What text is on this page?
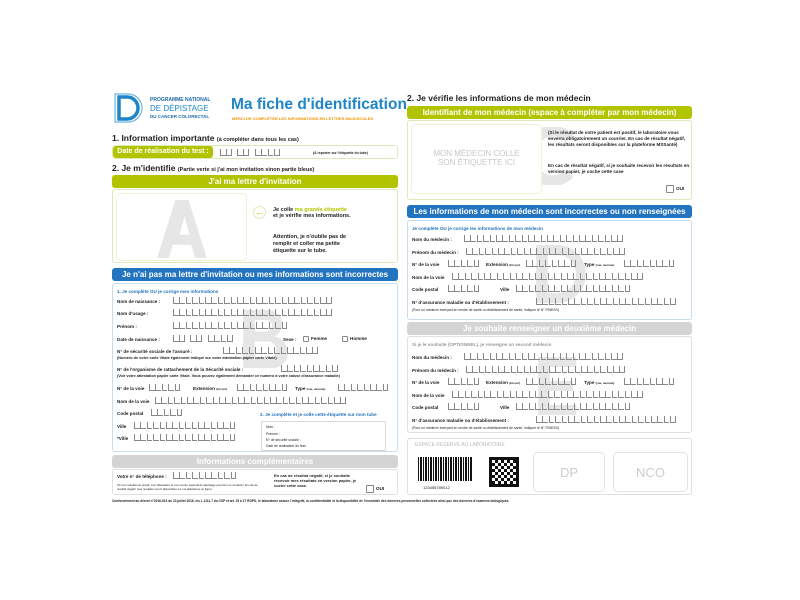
PROGRAMME NATIONAL
DE DÉPISTAGE
DU CANCER COLORECTAL
Ma fiche d'identification
MERCI DE COMPLÉTER LES INFORMATIONS EN LETTRES MAJUSCULES
1. Information importante (à compléter dans tous les cas)
Date de réalisation du test :	(À reporter sur l'étiquette du tube)
2. Je m'identifie (Partie verte si j'ai mon invitation sinon partie bleue)
J'ai ma lettre d'invitation
←	Je colle ma grande étiquette
et je vérifie mes informations.
Attention, je n'oublie pas de remplir et coller ma petite étiquette sur le tube.
Je n'ai pas ma lettre d'invitation ou mes informations sont incorrectes
1. Je complète OU je corrige mes informations
Nom de naissance :
Nom d'usage :
Prénom :
Date de naissance :	Sexe :	Femme	Homme
N° de sécurité sociale de l'assuré :
(Numéro de votre carte Vitale également indiqué sur votre attestation papier carte Vitale)
N° de l'organisme de rattachement de la Sécurité sociale :
(Voir votre attestation papier carte Vitale. Vous pouvez également demander ce numéro à votre caisse d'assurance maladie)
N° de la voie	Extension (bis,ter)	Type (rue, avenue)
Nom de la voie
Code postal
Ville
*Ville
2. Je complète et je colle cette étiquette sur mon tube
Nom :
Prénom :
N° de sécurité sociale :
Date de réalisation du test :
Informations complémentaires
Votre n° de téléphone :
(Si mon résultat est positif, mon laboratoire et mon centre régional de dépistage pourront me contacter. En cas de résultat négatif, mes résultats seront disponibles sur ma plateforme en ligne)
En cas de résultat négatif, si je souhaite recevoir mes résultats en version papier, je coche cette case.
OUI
2. Je vérifie les informations de mon médecin
Identifiant de mon médecin (espace à compléter par mon médecin)
MON MÉDECIN COLLE SON ÉTIQUETTE ICI
(Si le résultat de votre patient est positif, le laboratoire vous enverra obligatoirement un courrier. En cas de résultat négatif, les résultats seront disponibles sur la plateforme MSSanté)
En cas de résultat négatif, si je souhaite recevoir les résultats en version papier, je coche cette case
OUI
Les informations de mon médecin sont incorrectes ou non renseignées
Je complète OU je corrige les informations de mon médecin
Nom du médecin :
Prénom du médecin :
N° de la voie	Extension (bis,ter)	Type (rue, avenue)
Nom de la voie
Code postal	Ville
N° d'assurance maladie ou d'établissement :
(Pour un médecin exerçant en centre de santé ou établissement de santé, indiquer le N° FINESS)
Je souhaite renseigner un deuxième médecin
Si je le souhaite (OPTIONNEL), je renseigne un second médecin
Nom du médecin :
Prénom du médecin :
N° de la voie	Extension (bis,ter)	Type (rue, avenue)
Nom de la voie
Code postal	Ville
N° d'assurance maladie ou d'établissement :
(Pour un médecin exerçant en centre de santé ou établissement de santé, indiquer le N° FINESS)
ESPACE RESERVE AU LABORATOIRE
123456789012
DP	NCO
Conformément au décret n°2016-914 du 23 juillet 2016, les L.1111-7 du CSP et art. 15 à 17 RGPD, le laboratoire assure l'intégrité, la confidentialité et la disponibilité de l'ensemble des données personnelles collectées ainsi que des données d'examens biologiques.
